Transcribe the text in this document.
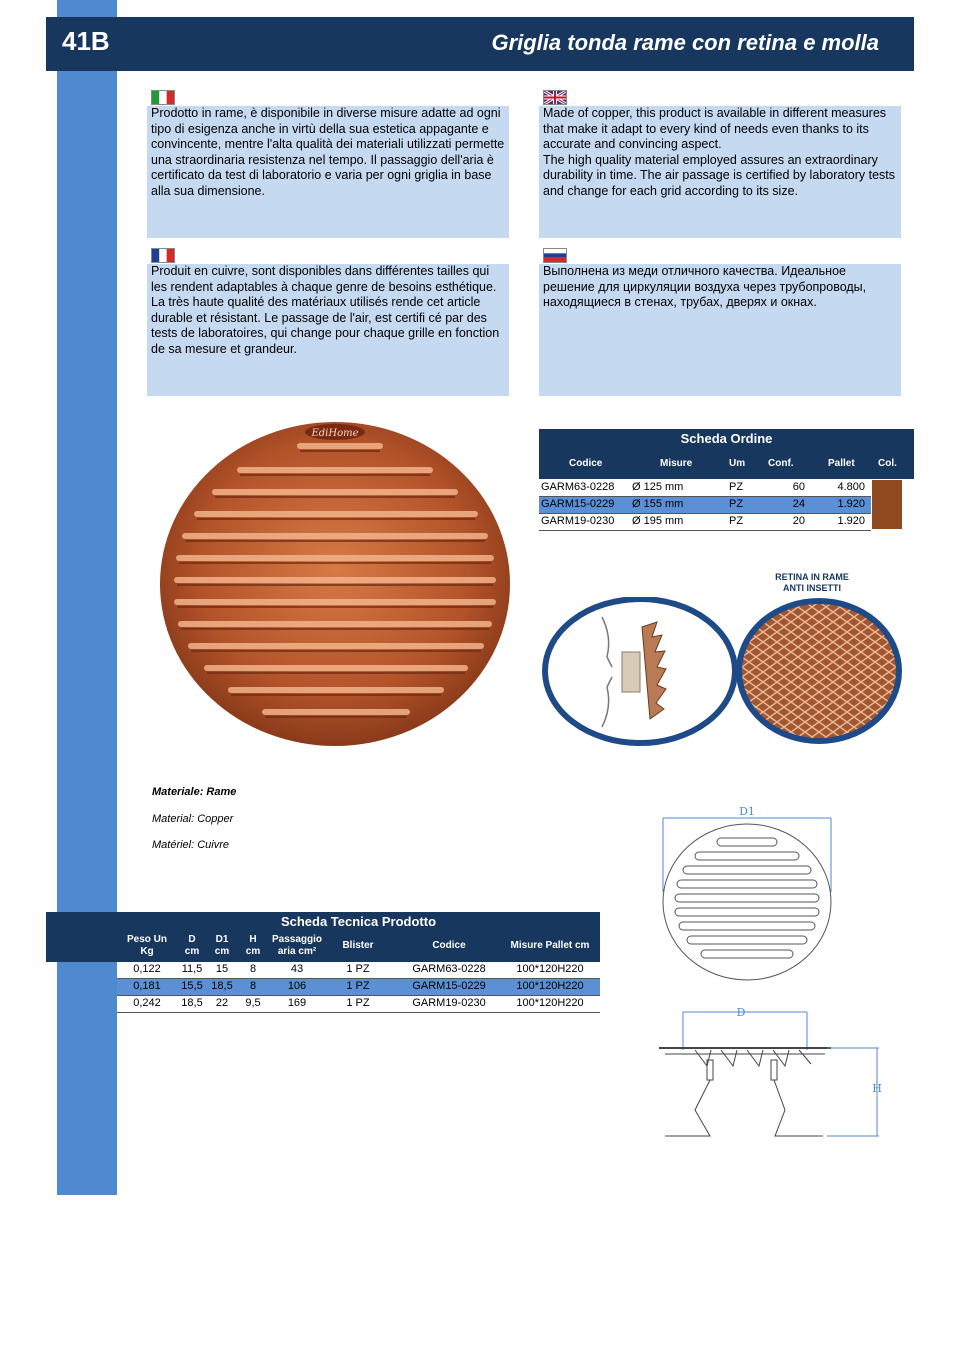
41B	Griglia tonda rame con retina e molla
Prodotto in rame, è disponibile in diverse misure adatte ad ogni tipo di esigenza anche in virtù della sua estetica appagante e convincente, mentre l'alta qualità dei materiali utilizzati permette una straordinaria resistenza nel tempo. Il passaggio dell'aria è certificato da test di laboratorio e varia per ogni griglia in base alla sua dimensione.
Made of copper, this product is available in different measures that make it adapt to every kind of needs even thanks to its accurate and convincing aspect.
The high quality material employed assures an extraordinary durability in time. The air passage is certified by laboratory tests and change for each grid according to its size.
Produit en cuivre, sont disponibles dans différentes tailles qui les rendent adaptables à chaque genre de besoins esthétique. La très haute qualité des matériaux utilisés rende cet article durable et résistant. Le passage de l'air, est certifi cé par des tests de laboratoires, qui change pour chaque grille en fonction de sa mesure et grandeur.
Выполнена из меди отличного качества. Идеальное решение для циркуляции воздуха через трубопроводы, находящиеся в стенах, трубах, дверях и окнах.
EdiHome	Scheda Ordine
Codice	Misure	Um Conf.	Pallet Col.
GARM63-0228 Ø 125 mm	PZ	60	4.800
GARM15-0229 Ø 155 mm	PZ	24	1.920
GARM19-0230 Ø 195 mm	PZ	20	1.920
RETINA IN RAME
ANTI INSETTI
Materiale: Rame
Material: Copper
Matériel: Cuivre
D1
D
H
Scheda Tecnica Prodotto
Peso Un
Kg
D
cm
D1
cm
H
cm
Passaggio
aria cm²
Blister	Codice	Misure Pallet cm
0,122	11,5	15	8	43	1 PZ	GARM63-0228	100*120H220
0,181	15,5 18,5	8	106	1 PZ	GARM15-0229	100*120H220
0,242	18,5	22	9,5	169	1 PZ	GARM19-0230	100*120H220
